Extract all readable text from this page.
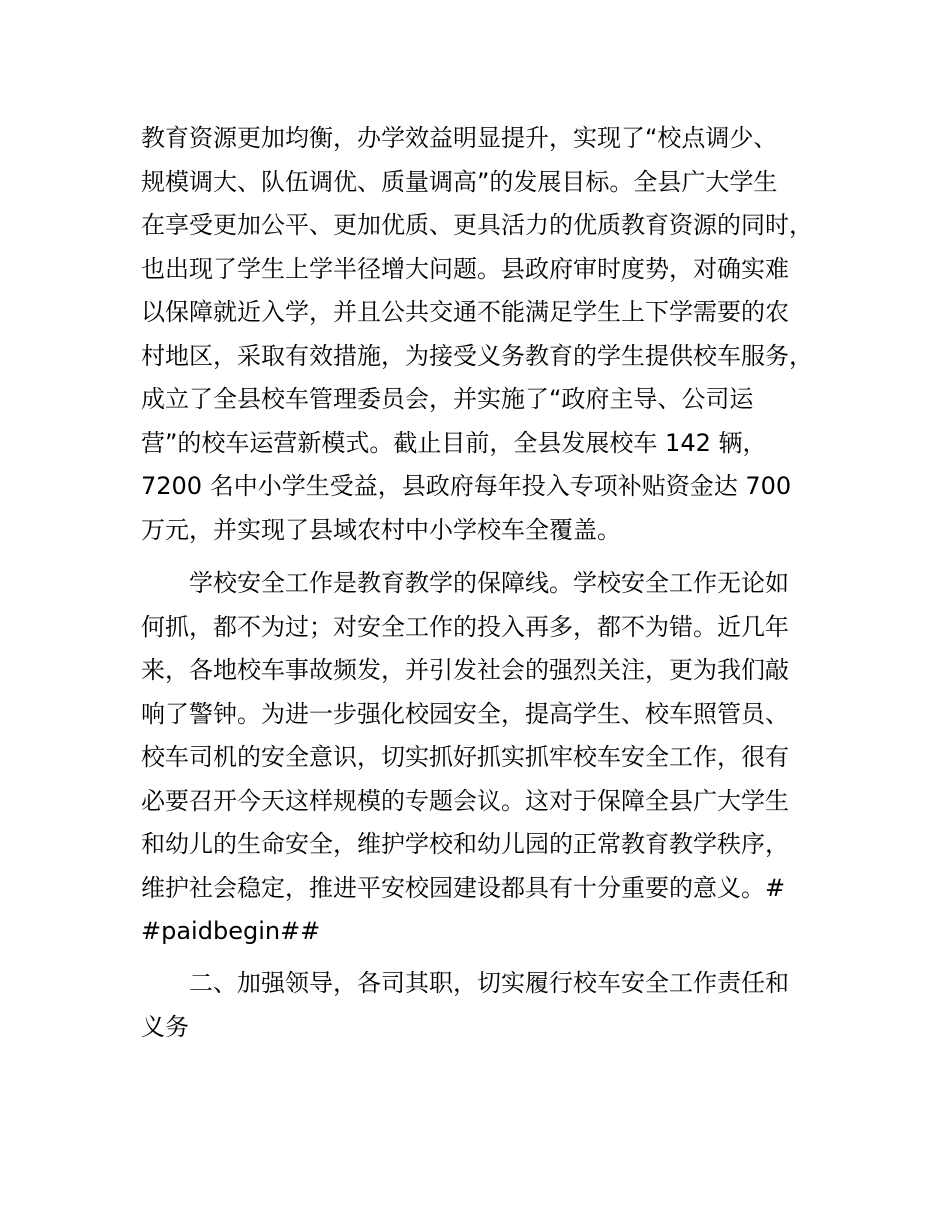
教育资源更加均衡，办学效益明显提升，实现了“校点调少、
规模调大、队伍调优、质量调高”的发展目标。全县广大学生
在享受更加公平、更加优质、更具活力的优质教育资源的同时，
也出现了学生上学半径增大问题。县政府审时度势，对确实难
以保障就近入学，并且公共交通不能满足学生上下学需要的农
村地区，采取有效措施，为接受义务教育的学生提供校车服务，
成立了全县校车管理委员会，并实施了“政府主导、公司运
营”的校车运营新模式。截止目前，全县发展校车 142 辆，
7200 名中小学生受益，县政府每年投入专项补贴资金达 700
万元，并实现了县域农村中小学校车全覆盖。
学校安全工作是教育教学的保障线。学校安全工作无论如
何抓，都不为过；对安全工作的投入再多，都不为错。近几年
来，各地校车事故频发，并引发社会的强烈关注，更为我们敲
响了警钟。为进一步强化校园安全，提高学生、校车照管员、
校车司机的安全意识，切实抓好抓实抓牢校车安全工作，很有
必要召开今天这样规模的专题会议。这对于保障全县广大学生
和幼儿的生命安全，维护学校和幼儿园的正常教育教学秩序，
维护社会稳定，推进平安校园建设都具有十分重要的意义。#
#paidbegin##
二、加强领导，各司其职，切实履行校车安全工作责任和
义务
